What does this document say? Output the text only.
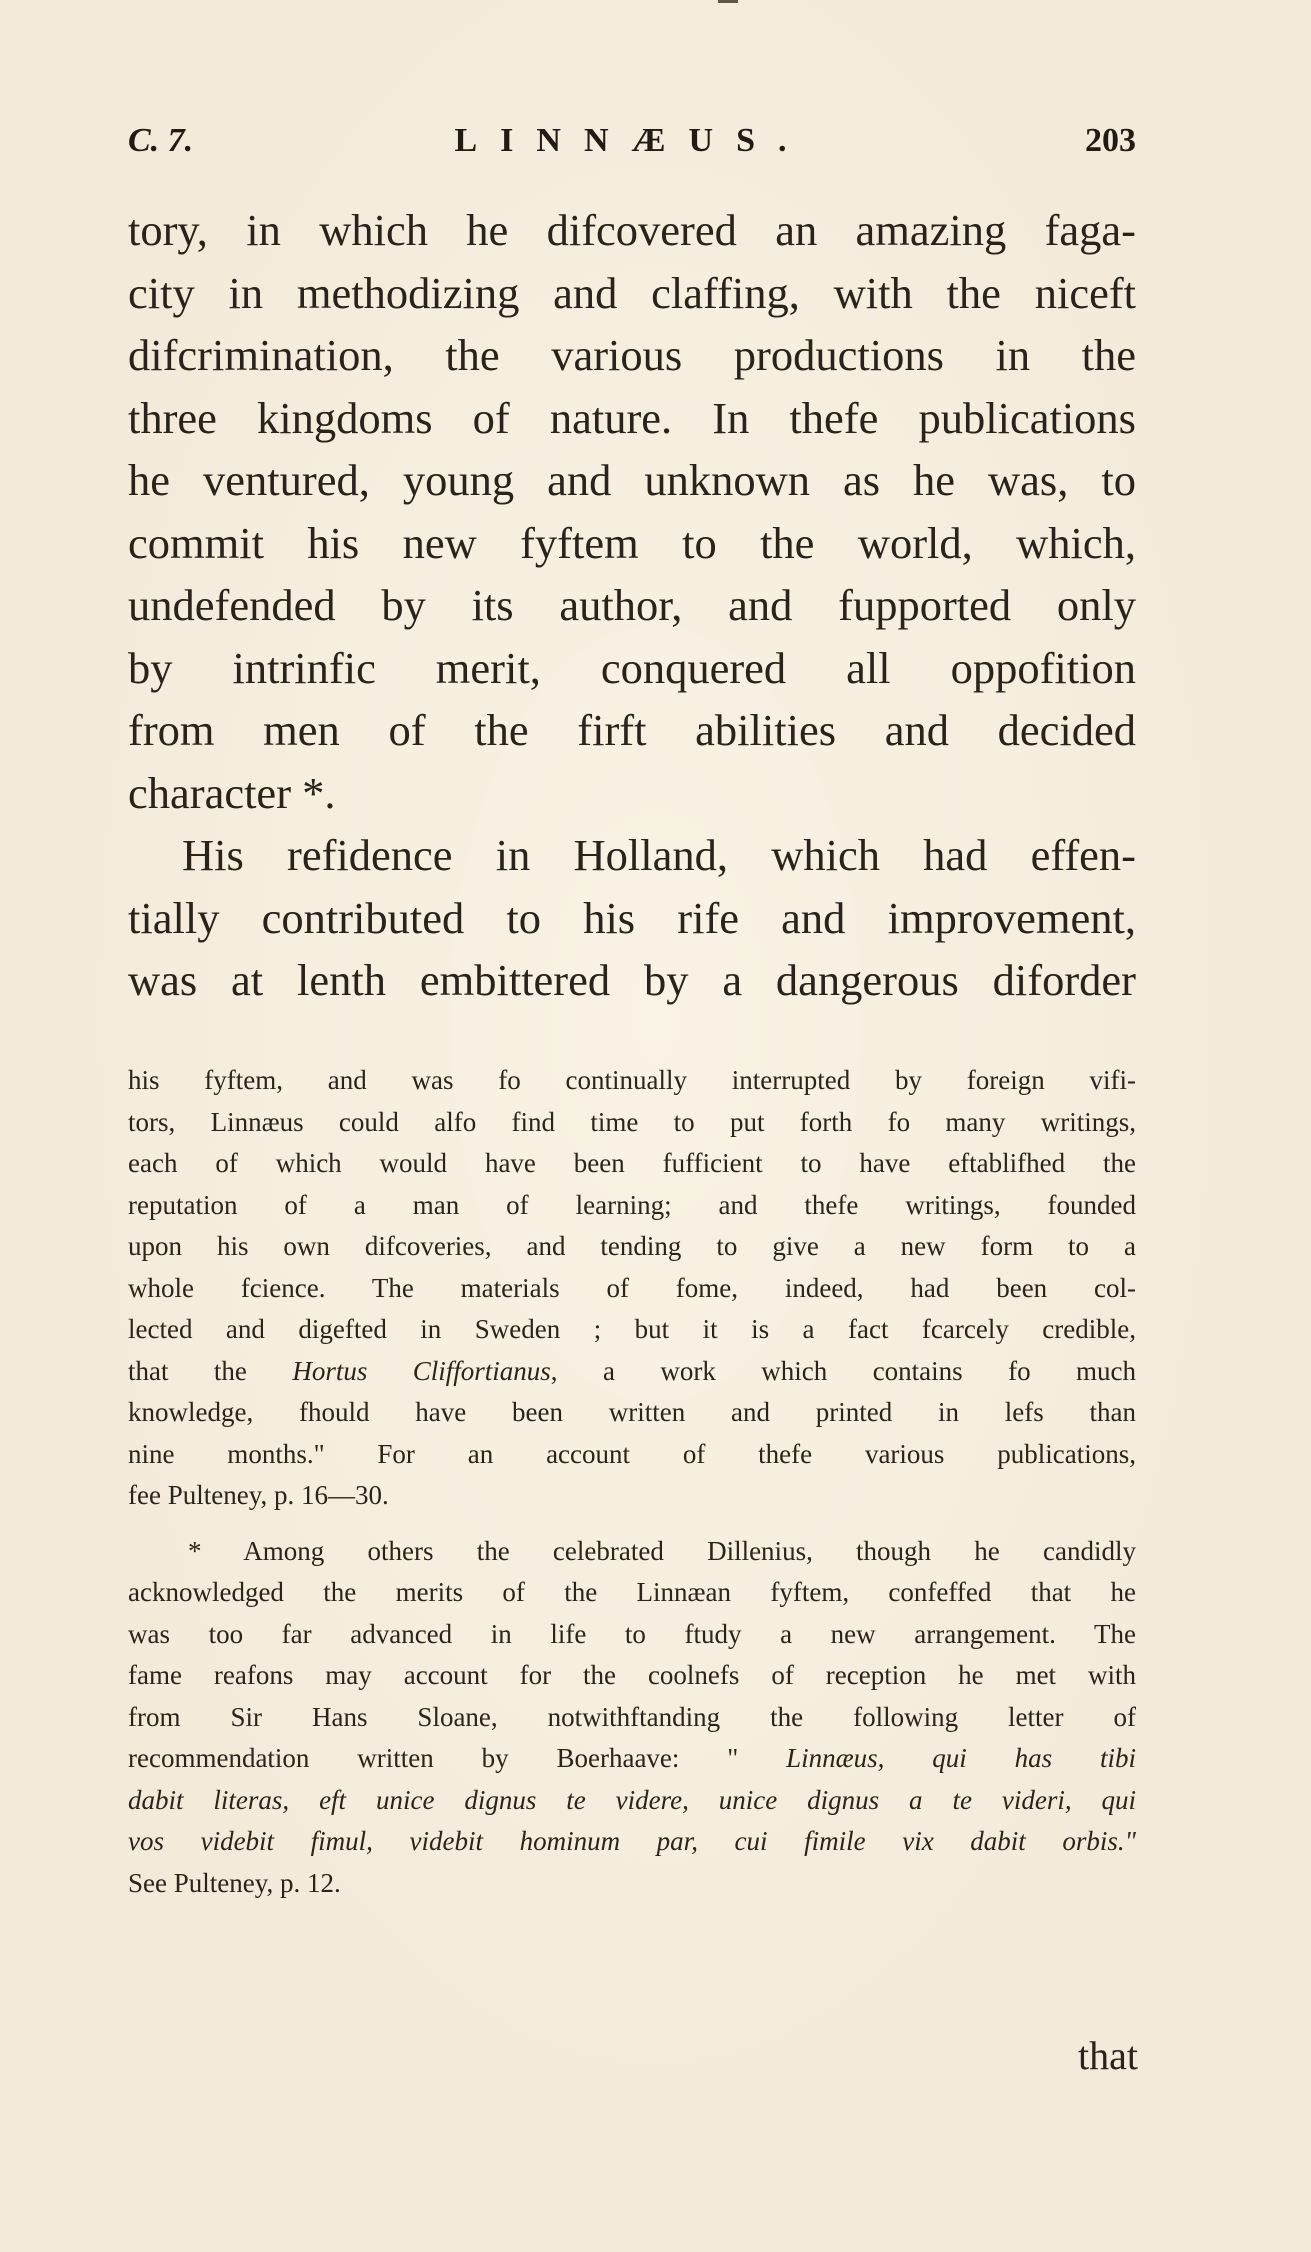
C. 7.	LINNÆUS.	203
tory, in which he difcovered an amazing faga-
city in methodizing and claffing, with the niceft
difcrimination, the various productions in the
three kingdoms of nature. In thefe publications
he ventured, young and unknown as he was, to
commit his new fyftem to the world, which,
undefended by its author, and fupported only
by intrinfic merit, conquered all oppofition
from men of the firft abilities and decided
character *.
His refidence in Holland, which had effen-
tially contributed to his rife and improvement,
was at lenth embittered by a dangerous diforder
his fyftem, and was fo continually interrupted by foreign vifi-
tors, Linnæus could alfo find time to put forth fo many writings,
each of which would have been fufficient to have eftablifhed the
reputation of a man of learning; and thefe writings, founded
upon his own difcoveries, and tending to give a new form to a
whole fcience. The materials of fome, indeed, had been col-
lected and digefted in Sweden ; but it is a fact fcarcely credible,
that the Hortus Cliffortianus, a work which contains fo much
knowledge, fhould have been written and printed in lefs than
nine months." For an account of thefe various publications,
fee Pulteney, p. 16—30.
* Among others the celebrated Dillenius, though he candidly
acknowledged the merits of the Linnæan fyftem, confeffed that he
was too far advanced in life to ftudy a new arrangement. The
fame reafons may account for the coolnefs of reception he met with
from Sir Hans Sloane, notwithftanding the following letter of
recommendation written by Boerhaave: " Linnæus, qui has tibi
dabit literas, eft unice dignus te videre, unice dignus a te videri, qui
vos videbit fimul, videbit hominum par, cui fimile vix dabit orbis."
See Pulteney, p. 12.
that
